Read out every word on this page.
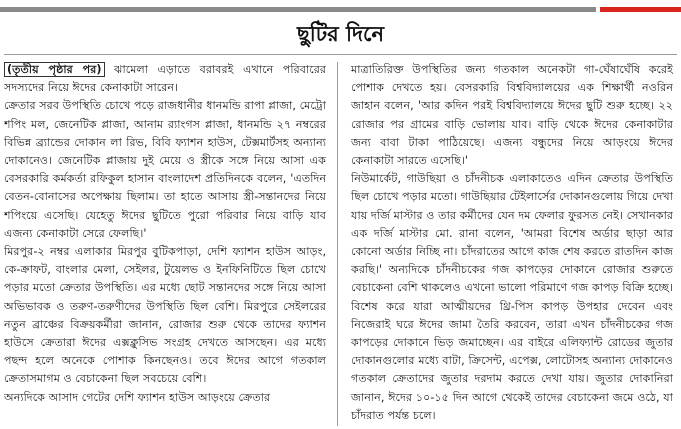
ছুটির দিনে

(তৃতীয় পৃষ্ঠার পর) ঝামেলা এড়াতে বরাবরই এখানে পরিবারের সদস্যদের নিয়ে ঈদের কেনাকাটা সারেন।

ক্রেতার সরব উপস্থিতি চোখে পড়ে রাজধানীর ধানমন্ডি রাপা প্লাজা, মেট্রো শপিং মল, জেনেটিক প্লাজা, আনাম র‍্যাংগস প্লাজা, ধানমন্ডি ২৭ নম্বরের বিভিন্ন ব্র্যান্ডের দোকান লা রিভ, বিবি ফ্যাশন হাউস, টেক্সমার্টসহ অন্যান্য দোকানেও। জেনেটিক প্লাজায় দুই মেয়ে ও স্ত্রীকে সঙ্গে নিয়ে আসা এক বেসরকারি কর্মকর্তা রফিকুল হাসান বাংলাদেশ প্রতিদিনকে বলেন, 'এতদিন বেতন-বোনাসের অপেক্ষায় ছিলাম। তা হাতে আসায় স্ত্রী-সন্তানদের নিয়ে শপিংয়ে এসেছি। যেহেতু ঈদের ছুটিতে পুরো পরিবার নিয়ে বাড়ি যাব এজন্য কেনাকাটা সেরে ফেলছি।'

মিরপুর-২ নম্বর এলাকার মিরপুর বুটিকপাড়া, দেশি ফ্যাশন হাউস আড়ং, কে-ক্রাফট, বাংলার মেলা, সেইলর, টুয়েলভ ও ইনফিনিটিতে ছিল চোখে পড়ার মতো ক্রেতার উপস্থিতি। এর মধ্যে ছোট সন্তানদের সঙ্গে নিয়ে আসা অভিভাবক ও তরুণ-তরুণীদের উপস্থিতি ছিল বেশি। মিরপুরে সেইলরের নতুন ব্রাঞ্চের বিক্রয়কর্মীরা জানান, রোজার শুরু থেকে তাদের ফ্যাশন হাউসে ক্রেতারা ঈদের এক্সক্লুসিভ সংগ্রহ দেখতে আসছেন। এর মধ্যে পছন্দ হলে অনেকে পোশাক কিনছেনও। তবে ঈদের আগে গতকাল ক্রেতাসমাগম ও বেচাকেনা ছিল সবচেয়ে বেশি।

অন্যদিকে আসাদ গেটের দেশি ফ্যাশন হাউস আড়ংয়ে ক্রেতার

মাত্রাতিরিক্ত উপস্থিতির জন্য গতকাল অনেকটা গা-ঘেঁষাঘেঁষি করেই পোশাক দেখতে হয়। বেসরকারি বিশ্ববিদ্যালয়ের এক শিক্ষার্থী নওরিন জাহান বলেন, 'আর কদিন পরই বিশ্ববিদ্যালয়ে ঈদের ছুটি শুরু হচ্ছে। ২২ রোজার পর গ্রামের বাড়ি ভোলায় যাব। বাড়ি থেকে ঈদের কেনাকাটার জন্য বাবা টাকা পাঠিয়েছে। এজন্য বন্ধুদের নিয়ে আড়ংয়ে ঈদের কেনাকাটা সারতে এসেছি।'

নিউমার্কেট, গাউছিয়া ও চাঁদনীচক এলাকাতেও এদিন ক্রেতার উপস্থিতি ছিল চোখে পড়ার মতো। গাউছিয়ার টেইলার্সের দোকানগুলোয় গিয়ে দেখা যায় দর্জি মাস্টার ও তার কর্মীদের যেন দম ফেলার ফুরসত নেই। সেখানকার এক দর্জি মাস্টার মো. রানা বলেন, 'আমরা বিশেষ অর্ডার ছাড়া আর কোনো অর্ডার নিচ্ছি না। চাঁদরাতের আগে কাজ শেষ করতে রাতদিন কাজ করছি।' অন্যদিকে চাঁদনীচকের গজ কাপড়ের দোকানে রোজার শুরুতে বেচাকেনা বেশি থাকলেও এখনো ভালো পরিমাণে গজ কাপড় বিক্রি হচ্ছে। বিশেষ করে যারা আত্মীয়দের থ্রি-পিস কাপড় উপহার দেবেন এবং নিজেরাই ঘরে ঈদের জামা তৈরি করবেন, তারা এখন চাঁদনীচকের গজ কাপড়ের দোকানে ভিড় জমাচ্ছেন। এর বাইরে এলিফ্যান্ট রোডের জুতার দোকানগুলোর মধ্যে বাটা, ক্রিসেন্ট, এপেক্স, লোটোসহ অন্যান্য দোকানেও গতকাল ক্রেতাদের জুতার দরদাম করতে দেখা যায়। জুতার দোকানিরা জানান, ঈদের ১০-১৫ দিন আগে থেকেই তাদের বেচাকেনা জমে ওঠে, যা চাঁদরাত পর্যন্ত চলে।
